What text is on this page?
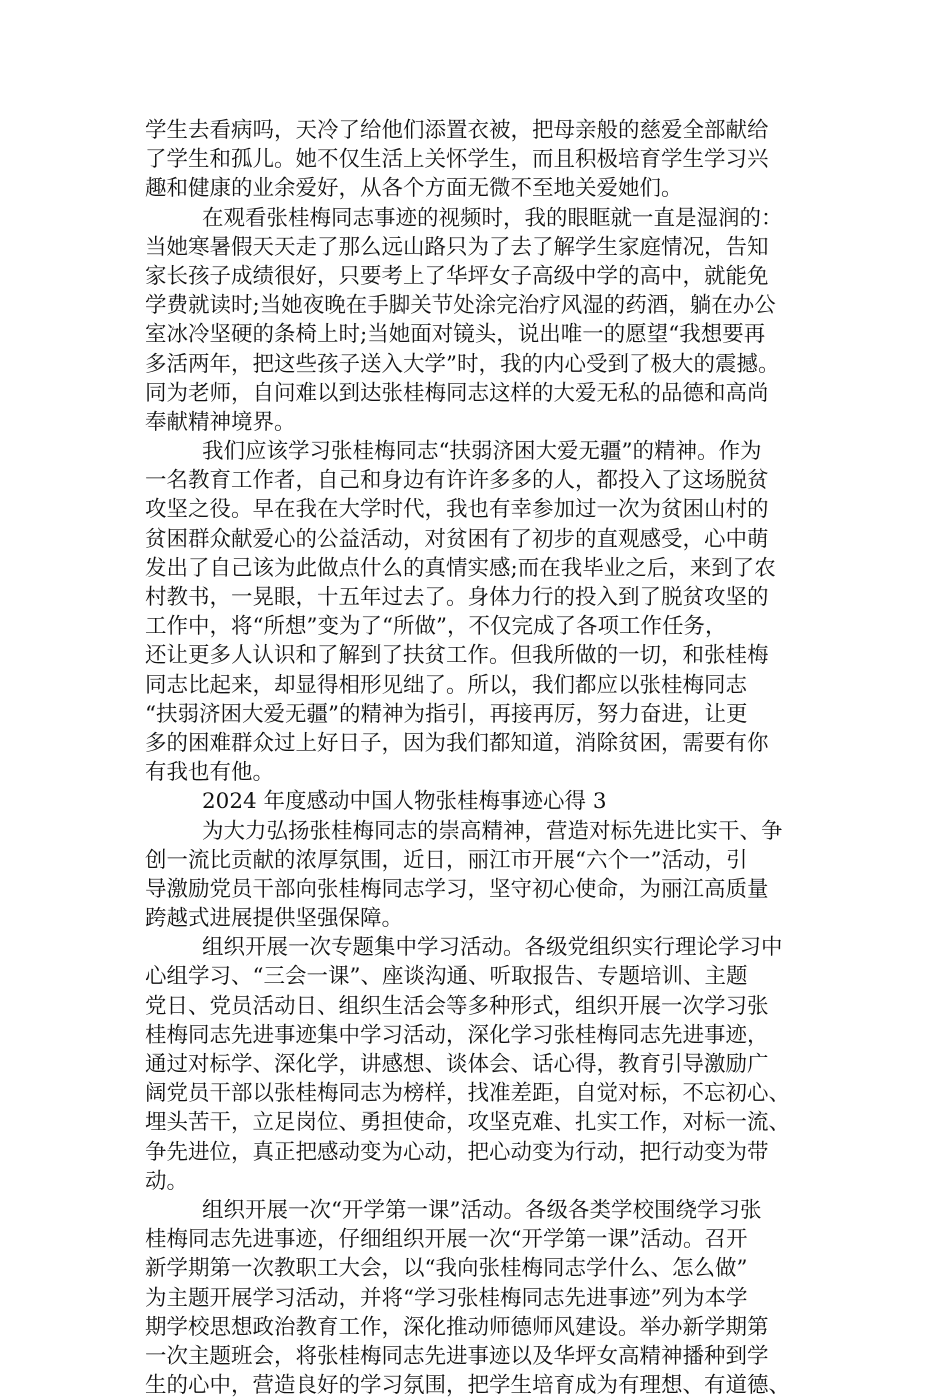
学生去看病吗，天冷了给他们添置衣被，把母亲般的慈爱全部献给
了学生和孤儿。她不仅生活上关怀学生，而且积极培育学生学习兴
趣和健康的业余爱好，从各个方面无微不至地关爱她们。
在观看张桂梅同志事迹的视频时，我的眼眶就一直是湿润的：
当她寒暑假天天走了那么远山路只为了去了解学生家庭情况，告知
家长孩子成绩很好，只要考上了华坪女子高级中学的高中，就能免
学费就读时;当她夜晚在手脚关节处涂完治疗风湿的药酒，躺在办公
室冰冷坚硬的条椅上时;当她面对镜头，说出唯一的愿望“我想要再
多活两年，把这些孩子送入大学”时，我的内心受到了极大的震撼。
同为老师，自问难以到达张桂梅同志这样的大爱无私的品德和高尚
奉献精神境界。
我们应该学习张桂梅同志“扶弱济困大爱无疆”的精神。作为
一名教育工作者，自己和身边有许许多多的人，都投入了这场脱贫
攻坚之役。早在我在大学时代，我也有幸参加过一次为贫困山村的
贫困群众献爱心的公益活动，对贫困有了初步的直观感受，心中萌
发出了自己该为此做点什么的真情实感;而在我毕业之后，来到了农
村教书，一晃眼，十五年过去了。身体力行的投入到了脱贫攻坚的
工作中，将“所想”变为了“所做”，不仅完成了各项工作任务，
还让更多人认识和了解到了扶贫工作。但我所做的一切，和张桂梅
同志比起来，却显得相形见绌了。所以，我们都应以张桂梅同志
“扶弱济困大爱无疆”的精神为指引，再接再厉，努力奋进，让更
多的困难群众过上好日子，因为我们都知道，消除贫困，需要有你
有我也有他。
2024 年度感动中国人物张桂梅事迹心得 3
为大力弘扬张桂梅同志的崇高精神，营造对标先进比实干、争
创一流比贡献的浓厚氛围，近日，丽江市开展“六个一”活动，引
导激励党员干部向张桂梅同志学习，坚守初心使命，为丽江高质量
跨越式进展提供坚强保障。
组织开展一次专题集中学习活动。各级党组织实行理论学习中
心组学习、“三会一课”、座谈沟通、听取报告、专题培训、主题
党日、党员活动日、组织生活会等多种形式，组织开展一次学习张
桂梅同志先进事迹集中学习活动，深化学习张桂梅同志先进事迹，
通过对标学、深化学，讲感想、谈体会、话心得，教育引导激励广
阔党员干部以张桂梅同志为榜样，找准差距，自觉对标，不忘初心、
埋头苦干，立足岗位、勇担使命，攻坚克难、扎实工作，对标一流、
争先进位，真正把感动变为心动，把心动变为行动，把行动变为带
动。
组织开展一次“开学第一课”活动。各级各类学校围绕学习张
桂梅同志先进事迹，仔细组织开展一次“开学第一课”活动。召开
新学期第一次教职工大会，以“我向张桂梅同志学什么、怎么做”
为主题开展学习活动，并将“学习张桂梅同志先进事迹”列为本学
期学校思想政治教育工作，深化推动师德师风建设。举办新学期第
一次主题班会，将张桂梅同志先进事迹以及华坪女高精神播种到学
生的心中，营造良好的学习氛围，把学生培育成为有理想、有道德、
